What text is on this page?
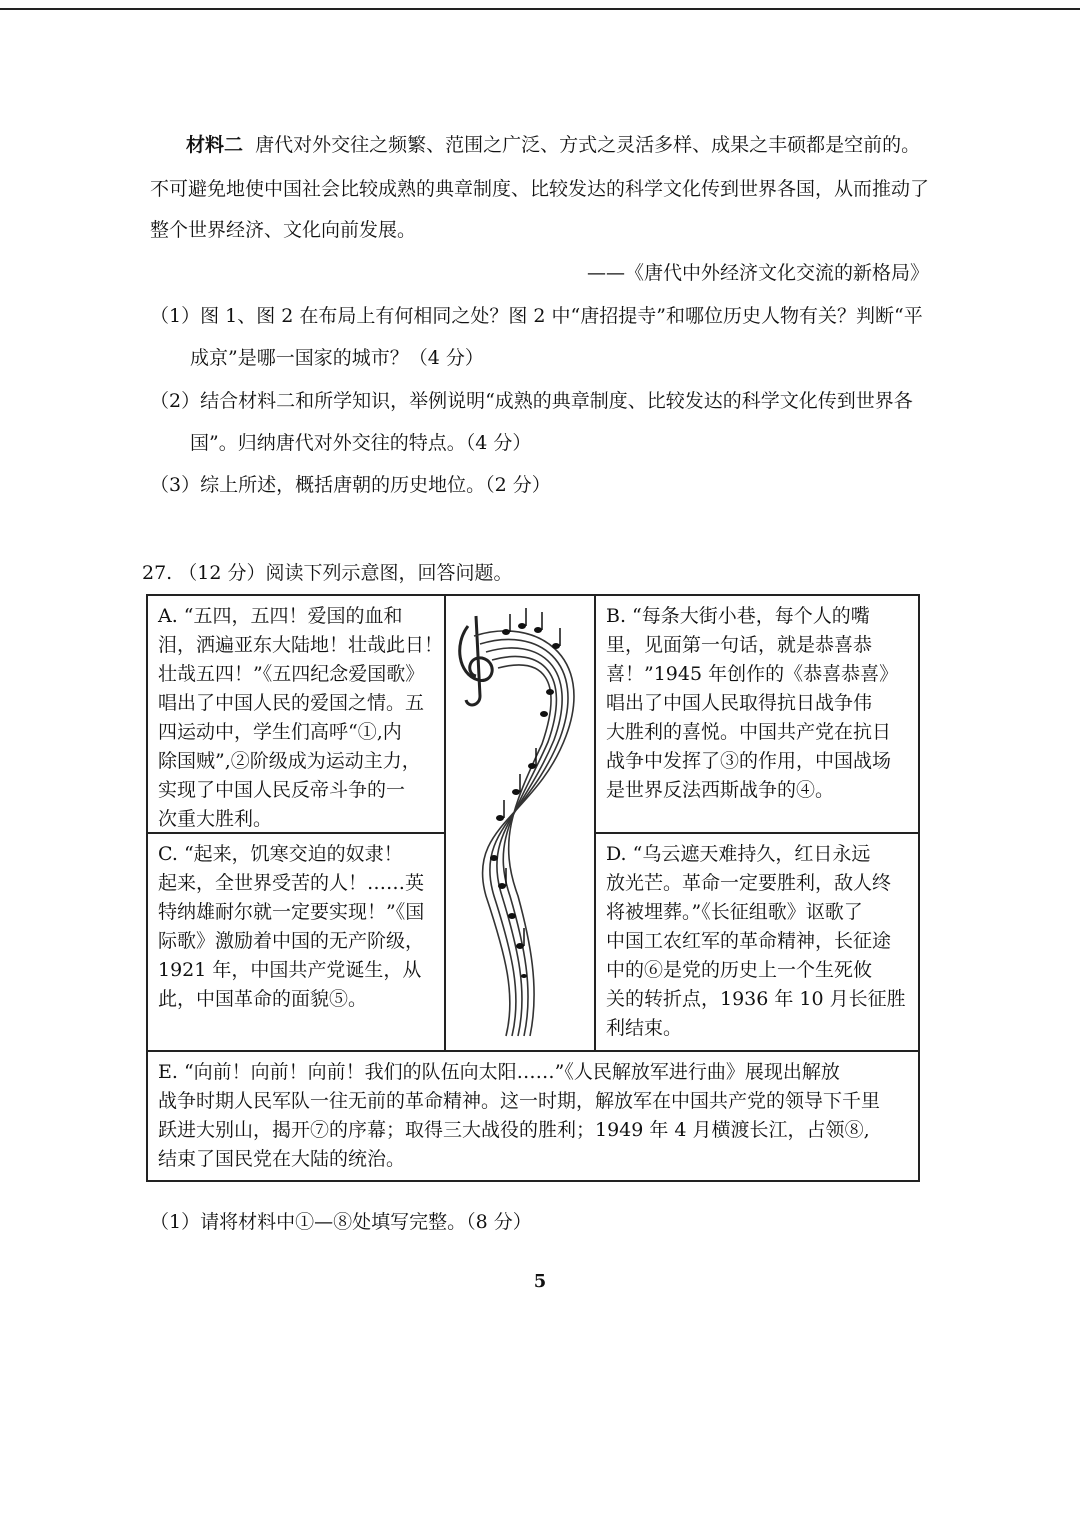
材料二 唐代对外交往之频繁、范围之广泛、方式之灵活多样、成果之丰硕都是空前的。
不可避免地使中国社会比较成熟的典章制度、比较发达的科学文化传到世界各国，从而推动了
整个世界经济、文化向前发展。
——《唐代中外经济文化交流的新格局》
（1）图 1、图 2 在布局上有何相同之处？图 2 中“唐招提寺”和哪位历史人物有关？判断“平
成京”是哪一国家的城市？（4 分）
（2）结合材料二和所学知识，举例说明“成熟的典章制度、比较发达的科学文化传到世界各
国”。归纳唐代对外交往的特点。（4 分）
（3）综上所述，概括唐朝的历史地位。（2 分）
27. （12 分）阅读下列示意图，回答问题。
A. “五四，五四！爱国的血和
泪，洒遍亚东大陆地！壮哉此日！
壮哉五四！”《五四纪念爱国歌》
唱出了中国人民的爱国之情。五
四运动中，学生们高呼“①,内
除国贼”,②阶级成为运动主力，
实现了中国人民反帝斗争的一
次重大胜利。
B. “每条大街小巷，每个人的嘴
里，见面第一句话，就是恭喜恭
喜！”1945 年创作的《恭喜恭喜》
唱出了中国人民取得抗日战争伟
大胜利的喜悦。中国共产党在抗日
战争中发挥了③的作用，中国战场
是世界反法西斯战争的④。
C. “起来，饥寒交迫的奴隶！
起来，全世界受苦的人！……英
特纳雄耐尔就一定要实现！”《国
际歌》激励着中国的无产阶级，
1921 年，中国共产党诞生，从
此，中国革命的面貌⑤。
D. “乌云遮天难持久，红日永远
放光芒。革命一定要胜利，敌人终
将被埋葬。”《长征组歌》讴歌了
中国工农红军的革命精神，长征途
中的⑥是党的历史上一个生死攸
关的转折点，1936 年 10 月长征胜
利结束。
E. “向前！向前！向前！我们的队伍向太阳……”《人民解放军进行曲》展现出解放
战争时期人民军队一往无前的革命精神。这一时期，解放军在中国共产党的领导下千里
跃进大别山，揭开⑦的序幕；取得三大战役的胜利；1949 年 4 月横渡长江，占领⑧,
结束了国民党在大陆的统治。
（1）请将材料中①—⑧处填写完整。（8 分）
5
